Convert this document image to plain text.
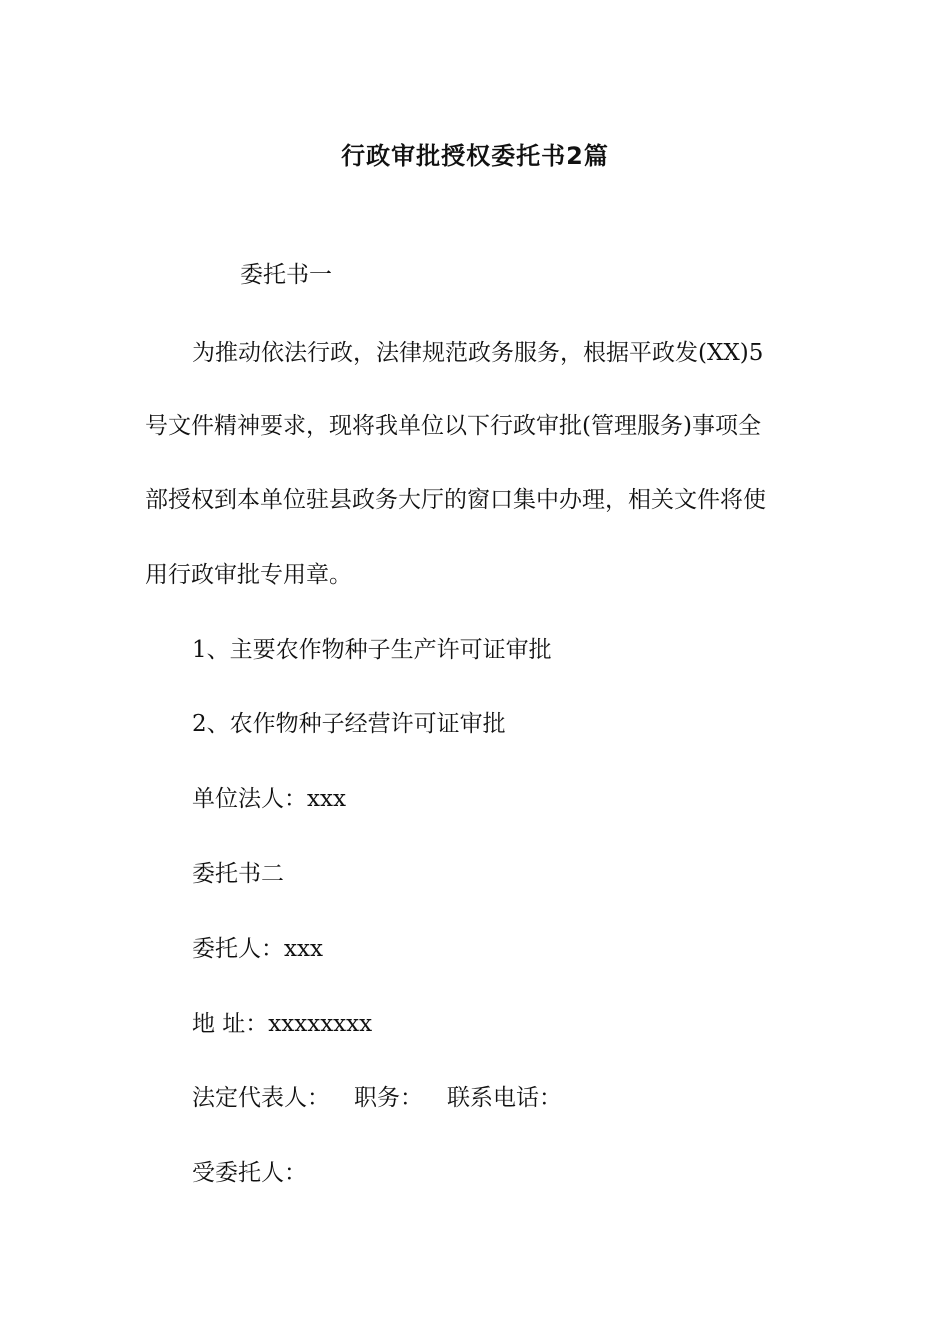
行政审批授权委托书2篇
委托书一
为推动依法行政，法律规范政务服务，根据平政发(XX)5
号文件精神要求，现将我单位以下行政审批(管理服务)事项全
部授权到本单位驻县政务大厅的窗口集中办理，相关文件将使
用行政审批专用章。
1、主要农作物种子生产许可证审批
2、农作物种子经营许可证审批
单位法人：xxx
委托书二
委托人：xxx
地 址：xxxxxxxx
法定代表人： 职务： 联系电话：
受委托人：
